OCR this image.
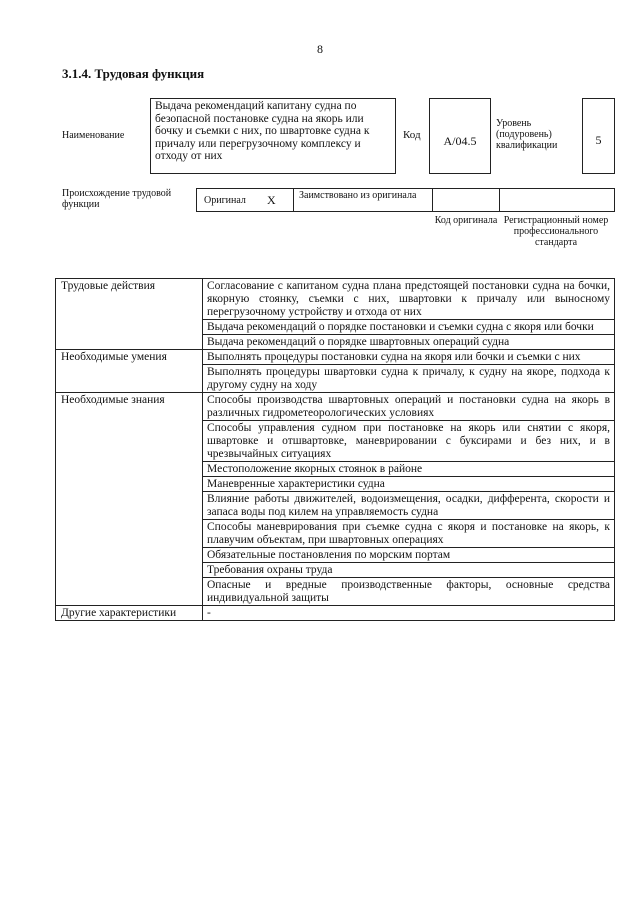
8
3.1.4. Трудовая функция
Наименование
Выдача рекомендаций капитану судна по безопасной постановке судна на якорь или бочку и съемки с них, по швартовке судна к причалу или перегрузочному комплексу и отходу от них
Код	А/04.5
Уровень (подуровень) квалификации	5
Происхождение трудовой функции	Оригинал X Заимствовано из оригинала
Код оригинала Регистрационный номер профессионального стандарта
Трудовые действия	Согласование с капитаном судна плана предстоящей постановки судна на бочки, якорную стоянку, съемки с них, швартовки к причалу или выносному перегрузочному устройству и отхода от них
	Выдача рекомендаций о порядке постановки и съемки судна с якоря или бочки
	Выдача рекомендаций о порядке швартовных операций судна
Необходимые умения	Выполнять процедуры постановки судна на якоря или бочки и съемки с них
	Выполнять процедуры швартовки судна к причалу, к судну на якоре, подхода к другому судну на ходу
Необходимые знания	Способы производства швартовных операций и постановки судна на якорь в различных гидрометеорологических условиях
	Способы управления судном при постановке на якорь или снятии с якоря, швартовке и отшвартовке, маневрировании с буксирами и без них, и в чрезвычайных ситуациях
	Местоположение якорных стоянок в районе
	Маневренные характеристики судна
	Влияние работы движителей, водоизмещения, осадки, дифферента, скорости и запаса воды под килем на управляемость судна
	Способы маневрирования при съемке судна с якоря и постановке на якорь, к плавучим объектам, при швартовных операциях
	Обязательные постановления по морским портам
	Требования охраны труда
	Опасные и вредные производственные факторы, основные средства индивидуальной защиты
Другие характеристики	-
